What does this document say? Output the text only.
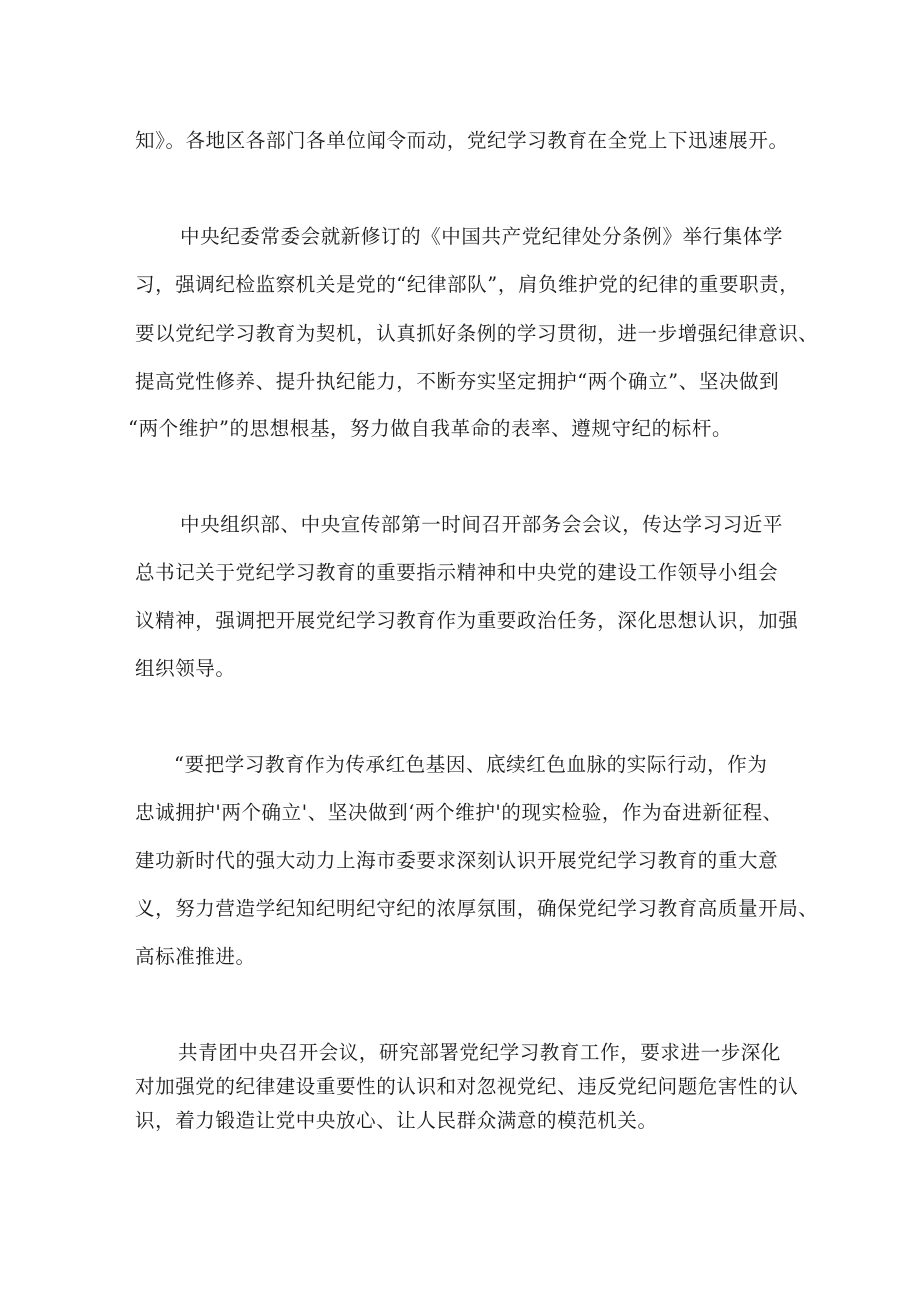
知》。各地区各部门各单位闻令而动，党纪学习教育在全党上下迅速展开。
中央纪委常委会就新修订的《中国共产党纪律处分条例》举行集体学
习，强调纪检监察机关是党的“纪律部队”，肩负维护党的纪律的重要职责，
要以党纪学习教育为契机，认真抓好条例的学习贯彻，进一步增强纪律意识、
提高党性修养、提升执纪能力，不断夯实坚定拥护“两个确立”、坚决做到
“两个维护”的思想根基，努力做自我革命的表率、遵规守纪的标杆。
中央组织部、中央宣传部第一时间召开部务会会议，传达学习习近平
总书记关于党纪学习教育的重要指示精神和中央党的建设工作领导小组会
议精神，强调把开展党纪学习教育作为重要政治任务，深化思想认识，加强
组织领导。
“要把学习教育作为传承红色基因、底续红色血脉的实际行动，作为
忠诚拥护'两个确立'、坚决做到‘两个维护'的现实检验，作为奋进新征程、
建功新时代的强大动力上海市委要求深刻认识开展党纪学习教育的重大意
义，努力营造学纪知纪明纪守纪的浓厚氛围，确保党纪学习教育高质量开局、
高标准推进。
共青团中央召开会议，研究部署党纪学习教育工作，要求进一步深化
对加强党的纪律建设重要性的认识和对忽视党纪、违反党纪问题危害性的认
识，着力锻造让党中央放心、让人民群众满意的模范机关。
